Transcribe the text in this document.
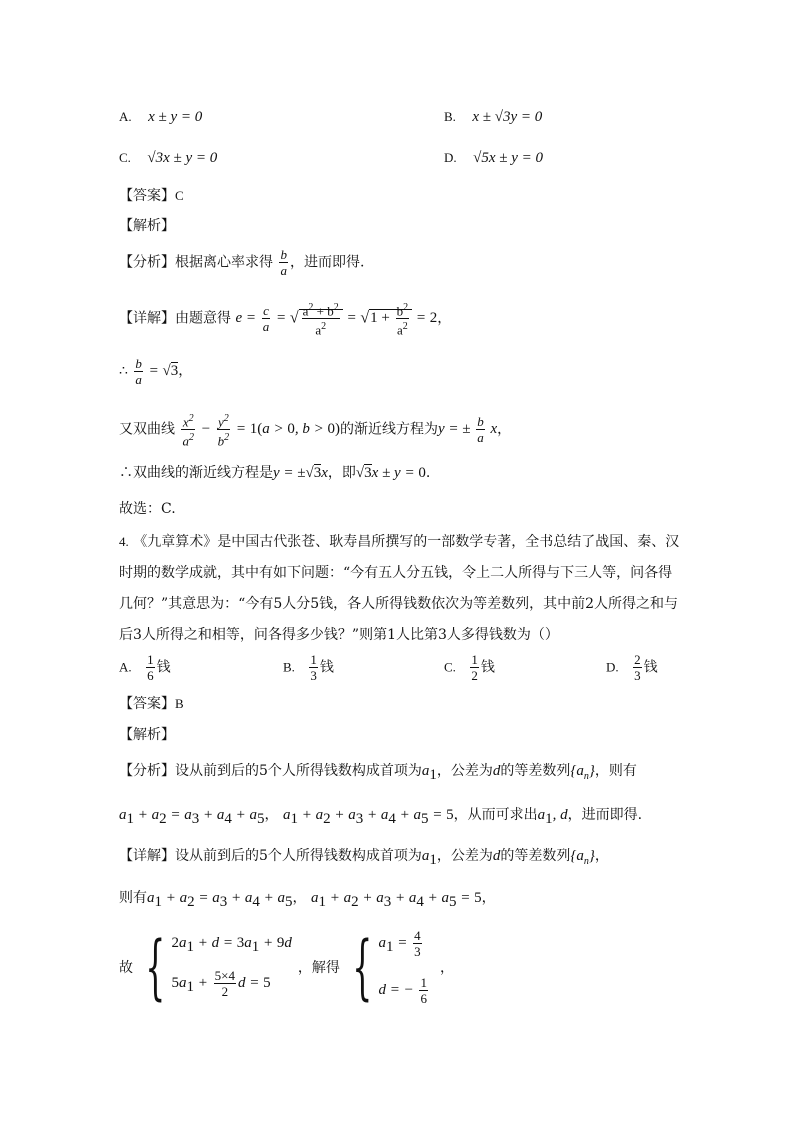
A. x ± y = 0	B. x ± √3y = 0
C. √3x ± y = 0	D. √5x ± y = 0
【答案】C
【解析】
【分析】根据离心率求得 $\frac{b}{a}$ ，进而即得.
【详解】由题意得 $e = \frac{c}{a}$ = √ $\frac{a^2 + b^2}{a^2} = √1 + \frac{b^2}{a^2} = 2$，
∴ $\frac{b}{a} = √3$，
又双曲线 $\frac{x^2}{a^2} - \frac{y^2}{b^2} = 1(a > 0$, b > 0)的渐近线方程为y = ± $\frac{b}{a}$ x，
∴双曲线的渐近线方程是y = ±√3x，即√3x ± y = 0.
故选：C.
4. 《九章算术》是中国古代张苍、耿寿昌所撰写的一部数学专著，全书总结了战国、秦、汉时期的数学成就，其中有如下问题：“今有五人分五钱，令上二人所得与下三人等，问各得几何？”其意思为：“今有5人分5钱，各人所得钱数依次为等差数列，其中前2人所得之和与后3人所得之和相等，问各得多少钱？”则第1人比第3人多得钱数为（）
A. $\frac{1}{6}$ 钱	B. $\frac{1}{3}$ 钱	C. $\frac{1}{2}$ 钱	D. $\frac{2}{3}$ 钱
【答案】B
【解析】
【分析】设从前到后的5个人所得钱数构成首项为$a_1$，公差为d的等差数列$\{a_n\}$，则有
$a_1 + a_2 = a_3 + a_4 + a_5$， $a_1 + a_2 + a_3 + a_4 + a_5 = 5$，从而可求出$a_1$, d，进而即得.
【详解】设从前到后的5个人所得钱数构成首项为$a_1$，公差为d的等差数列$\{a_n\}$，
则有$a_1 + a_2 = a_3 + a_4 + a_5$， $a_1 + a_2 + a_3 + a_4 + a_5 = 5$，
故 { $2a_1 + d = 3a_1 + 9d$
$5a_1 + \frac{5\times 4}{2}$ d = 5
，解得 { $a_1 = \frac{4}{3}$
d = − $\frac{1}{6}$
，
